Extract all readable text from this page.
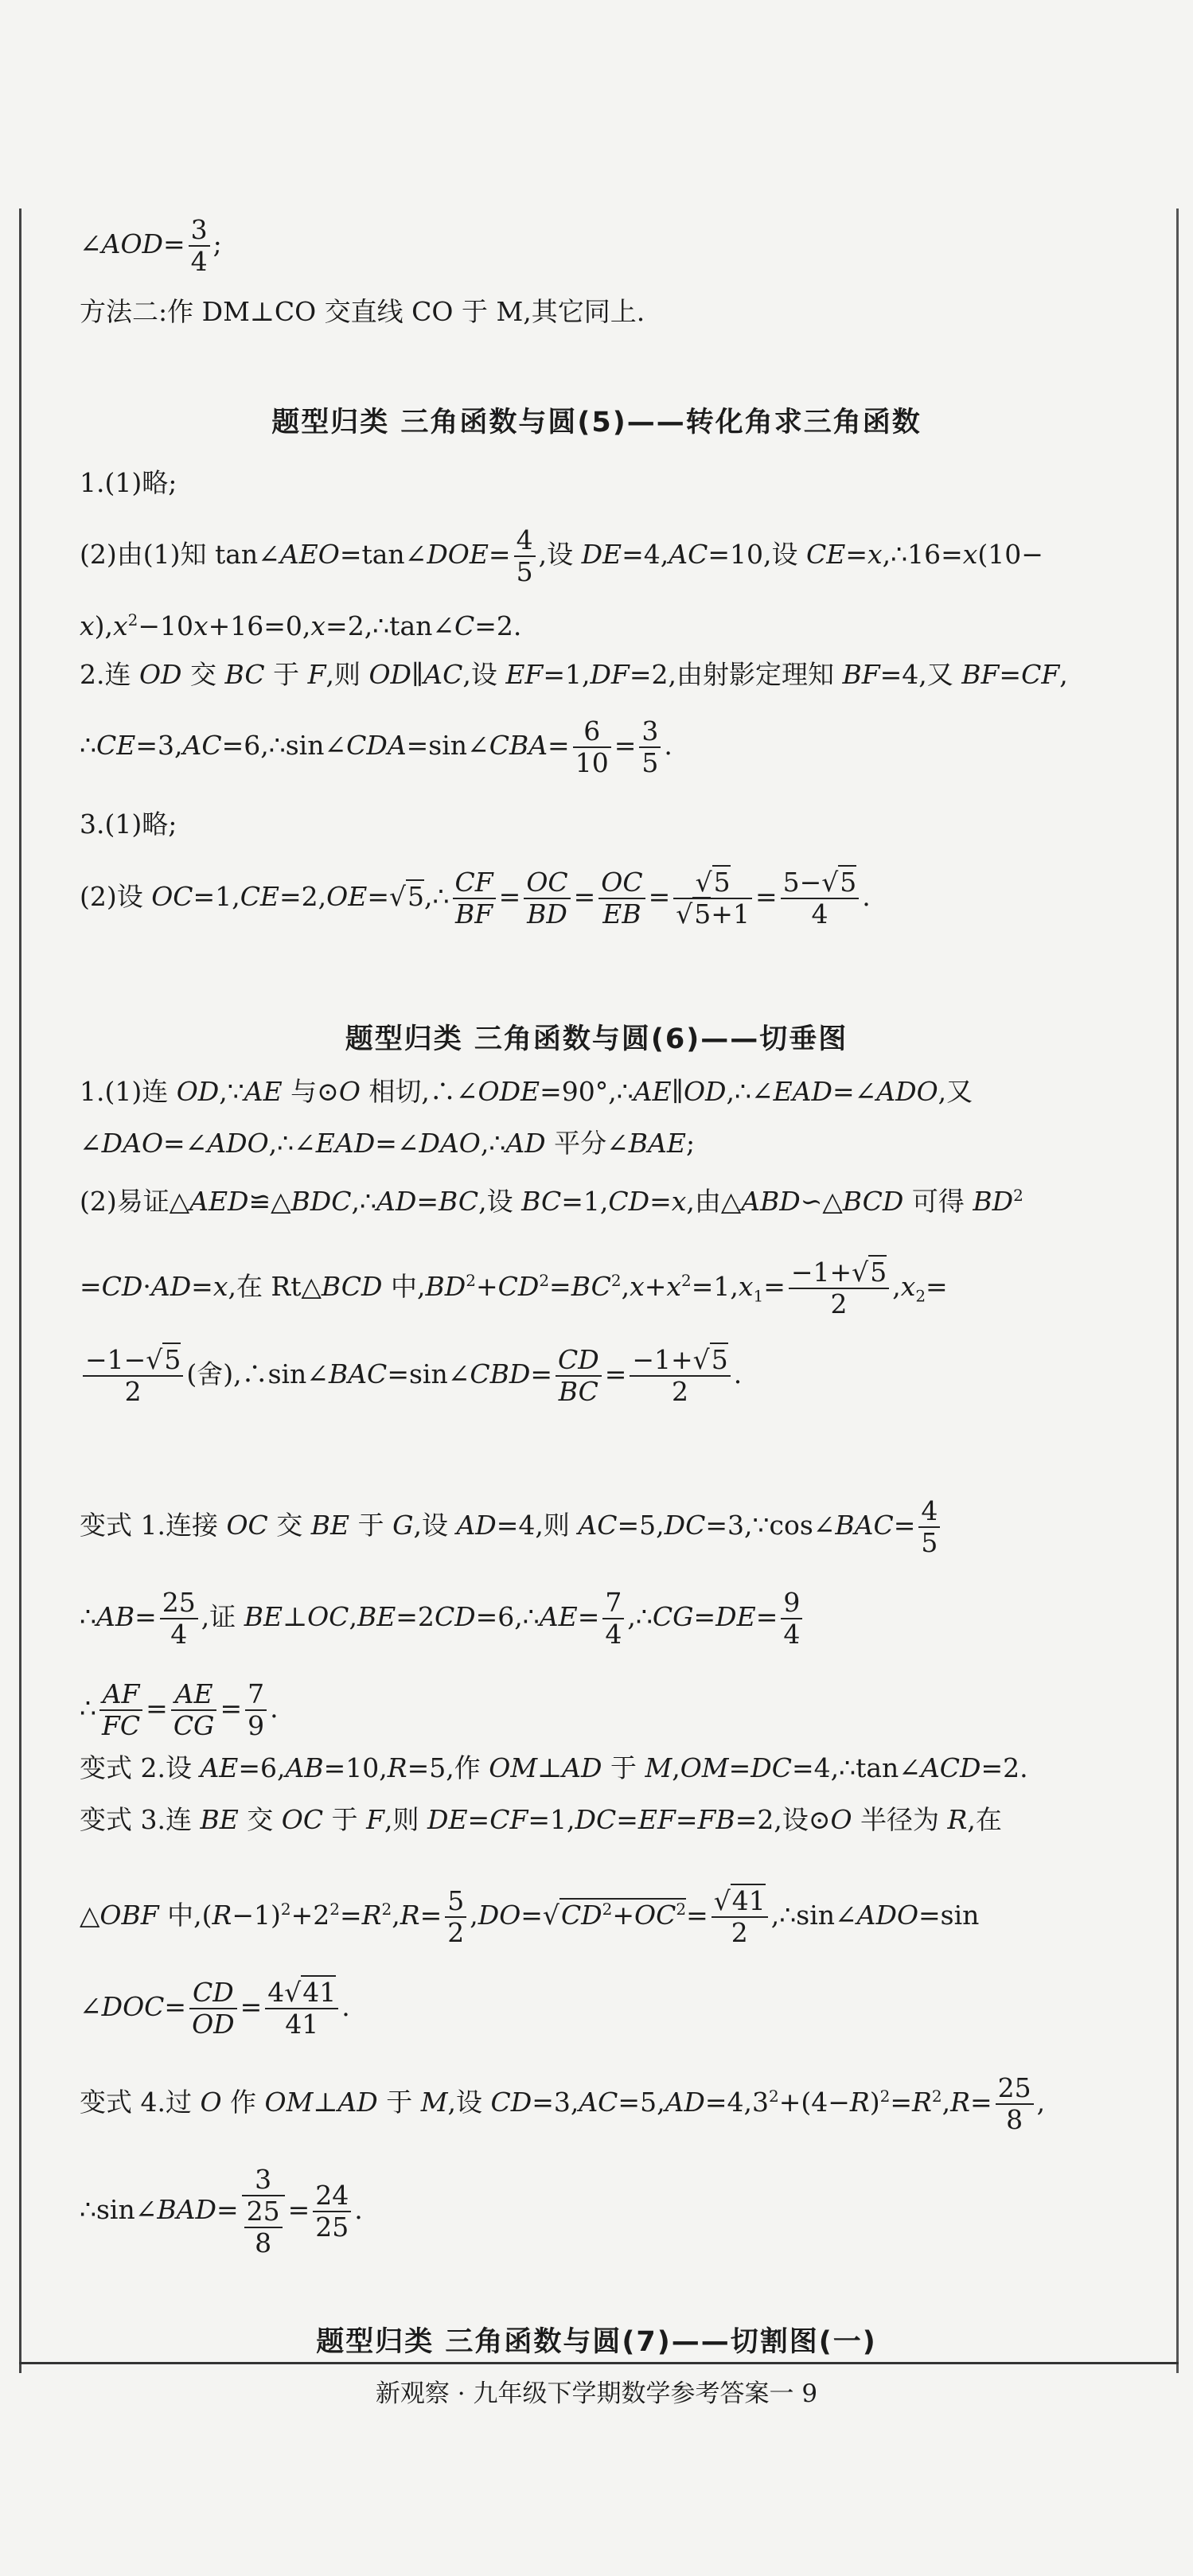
∠AOD= $\frac{3}{4}$ ;
方法二:作 DM⊥CO 交直线 CO 于 M,其它同上.
题型归类 三角函数与圆(5)——转化角求三角函数
1.(1)略;
(2)由(1)知 tan∠AEO=tan∠DOE= $\frac{4}{5}$ ,设 DE=4,AC=10,设 CE=x,∴16=x(10−
$x),x^2-10x+16=0,x=2,\therefore\tan\angle C=2$.
2.连 OD 交 BC 于 F,则 OD∥AC,设 EF=1,DF=2,由射影定理知 BF=4,又 BF=CF,
∴CE=3,AC=6,∴sin∠CDA=sin∠CBA= $\frac{6}{10} = \frac{3}{5}$ .
3.(1)略;
(2)设 OC=1,CE=2,OE=√5,∴ $\frac{CF}{BF} = \frac{OC}{BD} = \frac{OC}{EB} = \frac{√5}{√5+1} = \frac{5-√5}{4}$ .
题型归类 三角函数与圆(6)——切垂图
1.(1)连 OD,∵AE 与⊙O 相切,∴∠ODE=90°,∴AE∥OD,∴∠EAD=∠ADO,又
∠DAO=∠ADO,∴∠EAD=∠DAO,∴AD 平分∠BAE;
(2)易证△AED≌△BDC,∴AD=BC,设 BC=1,CD=x,由△ABD∽△BCD 可得 $BD^2$
=CD·AD=x,在 Rt△BCD 中$,BD^2+CD^2=BC^2,x+x^2=1,x_1= \frac{-1+√5}{2} ,x_2=$
$\frac{-1-√5}{2}$ (舍),∴sin∠BAC=sin∠CBD= $\frac{CD}{BC} = \frac{-1+√5}{2}$ .
变式 1.连接 OC 交 BE 于 G,设 AD=4,则 AC=5,DC=3,∵cos∠BAC= $\frac{4}{5}$
∴AB= $\frac{25}{4}$ ,证 BE⊥OC,BE=2CD=6,∴AE= $\frac{7}{4}$ ,∴CG=DE= $\frac{9}{4}$
∴ $\frac{AF}{FC} = \frac{AE}{CG} = \frac{7}{9}$ .
变式 2.设 AE=6,AB=10,R=5,作 OM⊥AD 于 M,OM=DC=4,∴tan∠ACD=2.
变式 3.连 BE 交 OC 于 F,则 DE=CF=1,DC=EF=FB=2,设⊙O 半径为 R,在
△OBF 中$,(R-1)^2+2^2=R^2,R= \frac{5}{2} ,DO=√CD^2+OC^2= \frac{√41}{2}$ ,∴sin∠ADO=sin
∠DOC= $\frac{CD}{OD} = \frac{4√41}{41}$ .
变式 4.过 O 作 OM⊥AD 于 M,设 $CD=3,AC=5,AD=4,3^2+(4-R)^2=R^2,R= \frac{25}{8}$ ,
∴sin∠BAD= $\frac{3}{\frac{25}{8}} = \frac{24}{25}$ .
题型归类 三角函数与圆(7)——切割图(一)
新观察 · 九年级下学期数学参考答案一 9
